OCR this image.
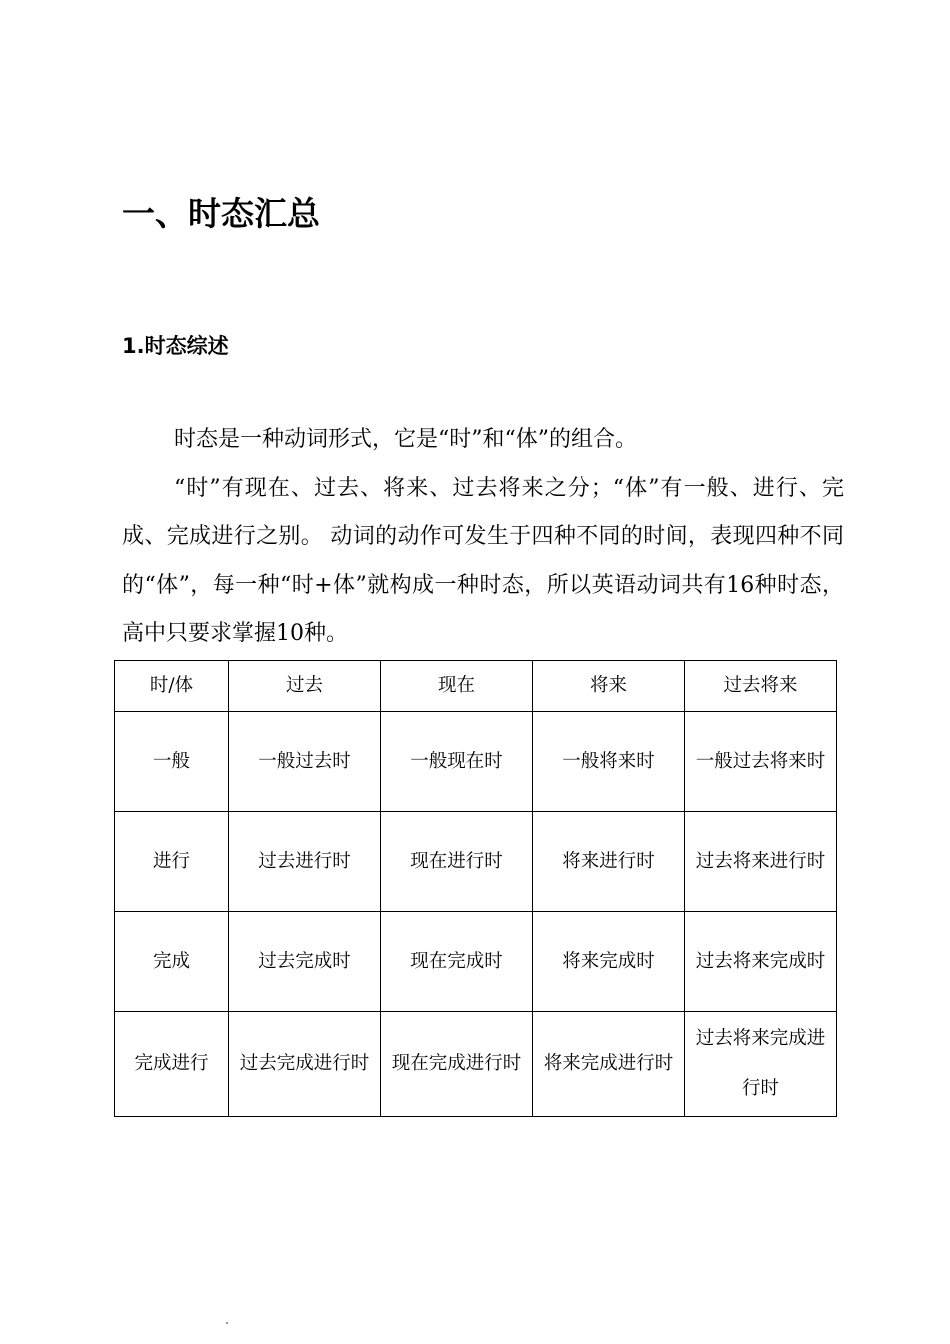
一、时态汇总
1.时态综述

时态是一种动词形式，它是“时”和“体”的组合。

“时”有现在、过去、将来、过去将来之分；“体”有一般、进行、完成、完成进行之别。 动词的动作可发生于四种不同的时间，表现四种不同的“体”，每一种“时+体”就构成一种时态，所以英语动词共有16种时态，高中只要求掌握10种。

时/体	过去	现在	将来	过去将来
一般	一般过去时	一般现在时	一般将来时	一般过去将来时
进行	过去进行时	现在进行时	将来进行时	过去将来进行时
完成	过去完成时	现在完成时	将来完成时	过去将来完成时
完成进行	过去完成进行时	现在完成进行时	将来完成进行时	过去将来完成进行时
